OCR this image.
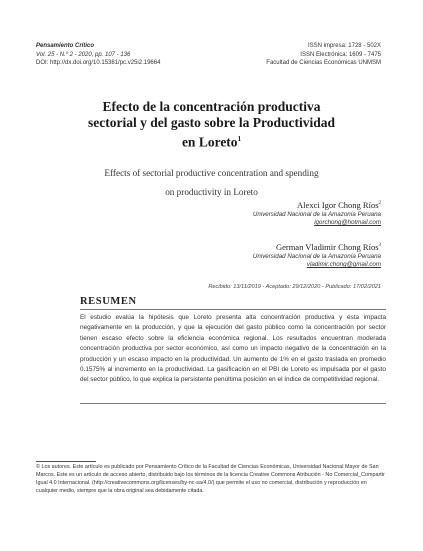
Pensamiento Crítico
Vol. 25 - N.º 2 - 2020, pp. 107 - 136
DOI: http://dx.doi.org/10.15381/pc.v25i2.19664
ISSN impresa: 1728 - 502X
ISSN Electrónica: 1609 - 7475
Facultad de Ciencias Económicas UNMSM
Efecto de la concentración productiva
sectorial y del gasto sobre la Productividad
en Loreto$^1$
Effects of sectorial productive concentration and spending
on productivity in Loreto
Alexci Igor Chong Ríos$^2$
Universidad Nacional de la Amazonía Peruana
igorchong@hotmail.com
German Vladimir Chong Ríos$^3$
Universidad Nacional de la Amazonía Peruana
vladimir.chong@gmail.com
Recibido: 13/11/2019 - Aceptado: 29/12/2020 - Publicado: 17/02/2021
RESUMEN
El estudio evalúa la hipótesis que Loreto presenta alta concentración productiva y ésta impacta negativamente en la producción, y que la ejecución del gasto público como la concentración por sector tienen escaso efecto sobre la eficiencia económica regional. Los resultados encuentran moderada concentración productiva por sector económico, así como un impacto negativo de la concentración en la producción y un escaso impacto en la productividad. Un aumento de 1% en el gasto traslada en promedio 0.1575% al incremento en la productividad. La gasificación en el PBI de Loreto es impulsada por el gasto del sector público, lo que explica la persistente penúltima posición en el índice de competitividad regional.
© Los autores. Este artículo es publicado por Pensamiento Crítico de la Facultad de Ciencias Económicas, Universidad Nacional Mayor de San Marcos. Este es un artículo de acceso abierto, distribuido bajo los términos de la licencia Creative Commons Atribución - No Comercial_Compartir Igual 4.0 Internacional. (http://creativecommons.org/licenses/by-nc-sa/4.0/) que permite el uso no comercial, distribución y reproducción en cualquier medio, siempre que la obra original sea debidamente citada.
